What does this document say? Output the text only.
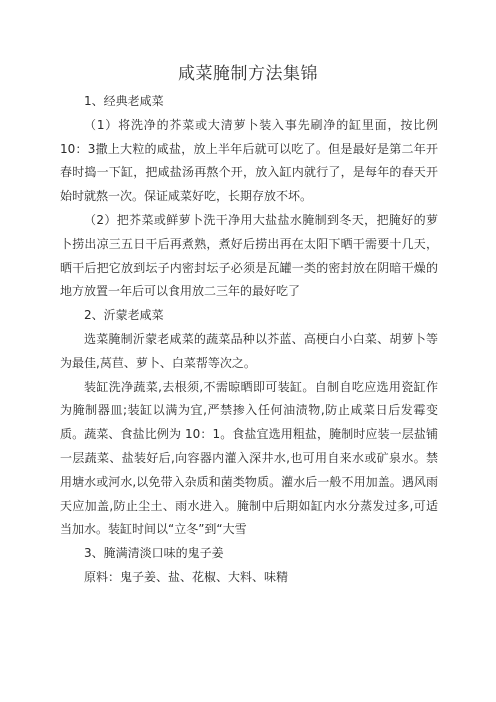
咸菜腌制方法集锦

1、经典老咸菜

（1）将洗净的芥菜或大清萝卜装入事先刷净的缸里面，按比例10：3撒上大粒的咸盐，放上半年后就可以吃了。但是最好是第二年开春时捣一下缸，把咸盐汤再熬个开，放入缸内就行了，是每年的春天开始时就熬一次。保证咸菜好吃，长期存放不坏。

（2）把芥菜或鲜萝卜洗干净用大盐盐水腌制到冬天，把腌好的萝卜捞出凉三五日干后再煮熟，煮好后捞出再在太阳下晒干需要十几天，晒干后把它放到坛子内密封坛子必须是瓦罐一类的密封放在阴暗干燥的地方放置一年后可以食用放二三年的最好吃了

2、沂蒙老咸菜

选菜腌制沂蒙老咸菜的蔬菜品种以芥蓝、高梗白小白菜、胡萝卜等为最佳,莴苣、萝卜、白菜帮等次之。

装缸洗净蔬菜,去根须,不需晾晒即可装缸。自制自吃应选用瓷缸作为腌制器皿;装缸以满为宜,严禁掺入任何油渍物,防止咸菜日后发霉变质。蔬菜、食盐比例为 10：1。食盐宜选用粗盐，腌制时应装一层盐铺一层蔬菜、盐装好后,向容器内灌入深井水,也可用自来水或矿泉水。禁用塘水或河水,以免带入杂质和菌类物质。灌水后一般不用加盖。遇风雨天应加盖,防止尘土、雨水进入。腌制中后期如缸内水分蒸发过多,可适当加水。装缸时间以“立冬”到“大雪

3、腌满清淡口味的鬼子姜

原料：鬼子姜、盐、花椒、大料、味精
